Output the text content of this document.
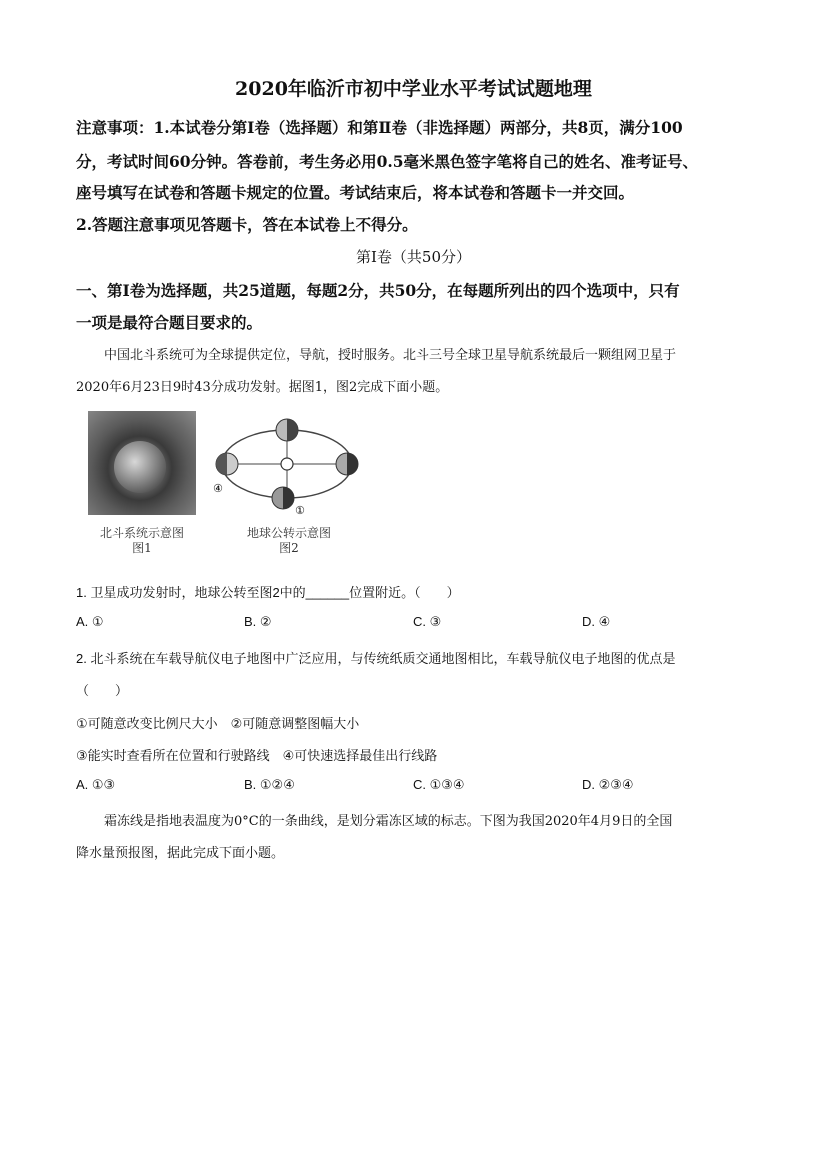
2020年临沂市初中学业水平考试试题地理
注意事项：1.本试卷分第Ⅰ卷（选择题）和第Ⅱ卷（非选择题）两部分，共8页，满分100
分，考试时间60分钟。答卷前，考生务必用0.5毫米黑色签字笔将自己的姓名、准考证号、
座号填写在试卷和答题卡规定的位置。考试结束后，将本试卷和答题卡一并交回。
2.答题注意事项见答题卡，答在本试卷上不得分。
第Ⅰ卷（共50分）
一、第Ⅰ卷为选择题，共25道题，每题2分，共50分，在每题所列出的四个选项中，只有
一项是最符合题目要求的。
中国北斗系统可为全球提供定位，导航，授时服务。北斗三号全球卫星导航系统最后一颗组网卫星于
2020年6月23日9时43分成功发射。据图1，图2完成下面小题。
北斗系统示意图
图1
①
④
地球公转示意图
图2
1. 卫星成功发射时，地球公转至图2中的______位置附近。（　　）
A. ①	B. ②	C. ③	D. ④
2. 北斗系统在车载导航仪电子地图中广泛应用，与传统纸质交通地图相比，车载导航仪电子地图的优点是
（　　）
①可随意改变比例尺大小　②可随意调整图幅大小
③能实时查看所在位置和行驶路线　④可快速选择最佳出行线路
A. ①③	B. ①②④	C. ①③④	D. ②③④
霜冻线是指地表温度为0°C的一条曲线，是划分霜冻区域的标志。下图为我国2020年4月9日的全国
降水量预报图，据此完成下面小题。
